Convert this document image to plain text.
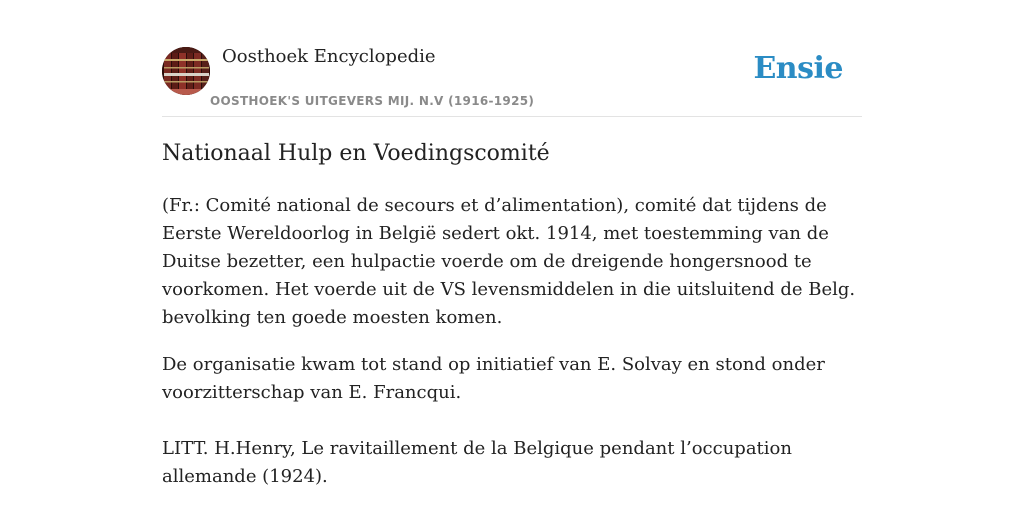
Oosthoek Encyclopedie
OOSTHOEK'S UITGEVERS MIJ. N.V (1916-1925)
Ensie
Nationaal Hulp en Voedingscomité

(Fr.: Comité national de secours et d’alimentation), comité dat tijdens de Eerste Wereldoorlog in België sedert okt. 1914, met toestemming van de Duitse bezetter, een hulpactie voerde om de dreigende hongersnood te voorkomen. Het voerde uit de VS levensmiddelen in die uitsluitend de Belg. bevolking ten goede moesten komen.

De organisatie kwam tot stand op initiatief van E. Solvay en stond onder voorzitterschap van E. Francqui.

LITT. H.Henry, Le ravitaillement de la Belgique pendant l’occupation allemande (1924).
